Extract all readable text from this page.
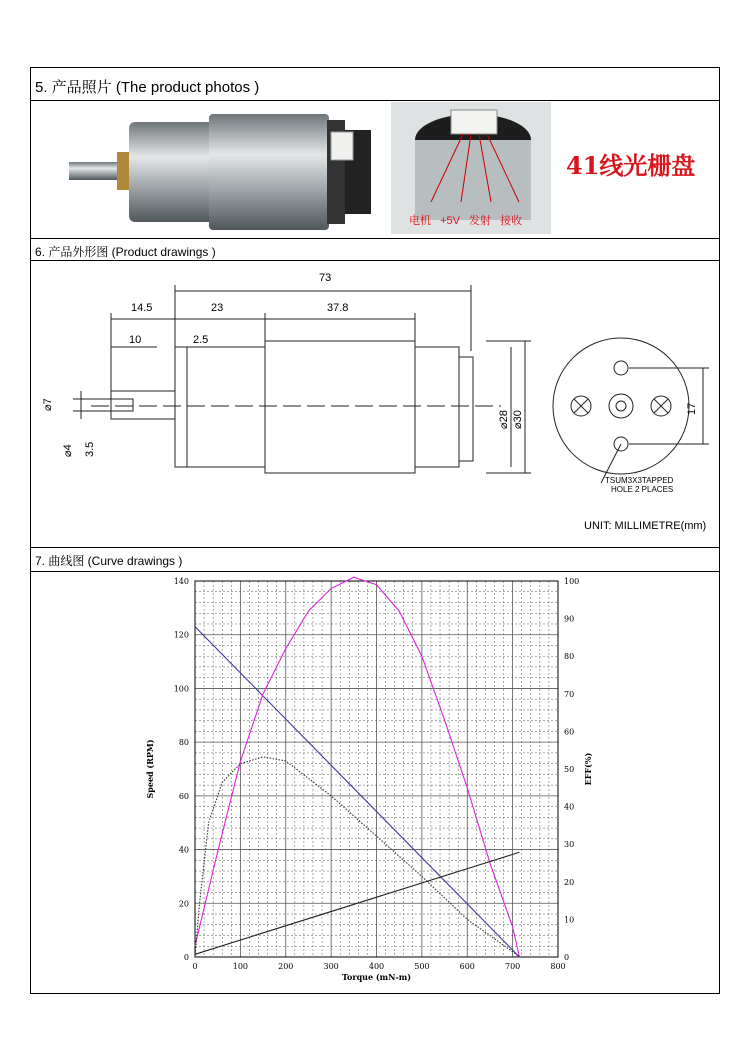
5. 产品照片 (The product photos )
电机 +5V 发射 接收
41线光栅盘
6. 产品外形图 (Product drawings )
73
14.5	23	37.8
10	2.5
⌀7
⌀4 3.5
⌀28 ⌀30
17
TSUM3X3TAPPED
HOLE 2 PLACES
UNIT: MILLIMETRE(mm)
7. 曲线图 (Curve drawings )
0	100	200	300	400	500	600	700	800
0
20
40
60
80
100
120
140
0
10
20
30
40
50
60
70
80
90
100
Torque (mN-m)
Speed (RPM)	EFF(%)
